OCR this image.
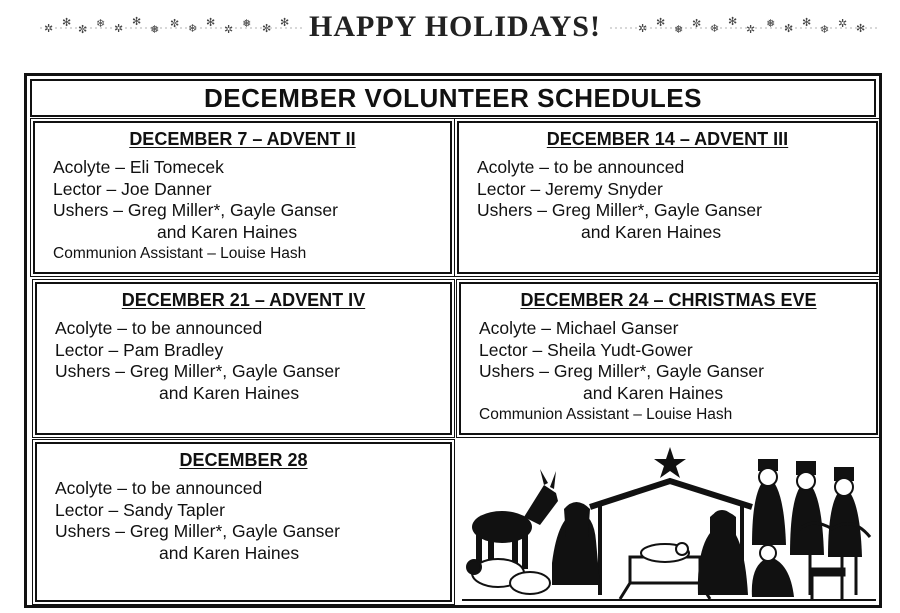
✲ ✻
✼ ❄ ✲
✻
❅ ✼ ❄ ✻
✲ ❅ ✼ ✻ HAPPY HOLIDAYS!	✲ ✻
❅ ✼ ❄
✻
✲ ❅ ✼ ✻
❄ ✲ ✻
DECEMBER VOLUNTEER SCHEDULES
DECEMBER 7 – ADVENT II
Acolyte – Eli Tomecek
Lector – Joe Danner
Ushers – Greg Miller*, Gayle Ganser
and Karen Haines
Communion Assistant – Louise Hash
DECEMBER 14 – ADVENT III
Acolyte – to be announced
Lector – Jeremy Snyder
Ushers – Greg Miller*, Gayle Ganser
and Karen Haines
DECEMBER 21 – ADVENT IV
Acolyte – to be announced
Lector – Pam Bradley
Ushers – Greg Miller*, Gayle Ganser
and Karen Haines
DECEMBER 24 – CHRISTMAS EVE
Acolyte – Michael Ganser
Lector – Sheila Yudt-Gower
Ushers – Greg Miller*, Gayle Ganser
and Karen Haines
Communion Assistant – Louise Hash
DECEMBER 28
Acolyte – to be announced
Lector – Sandy Tapler
Ushers – Greg Miller*, Gayle Ganser
and Karen Haines
